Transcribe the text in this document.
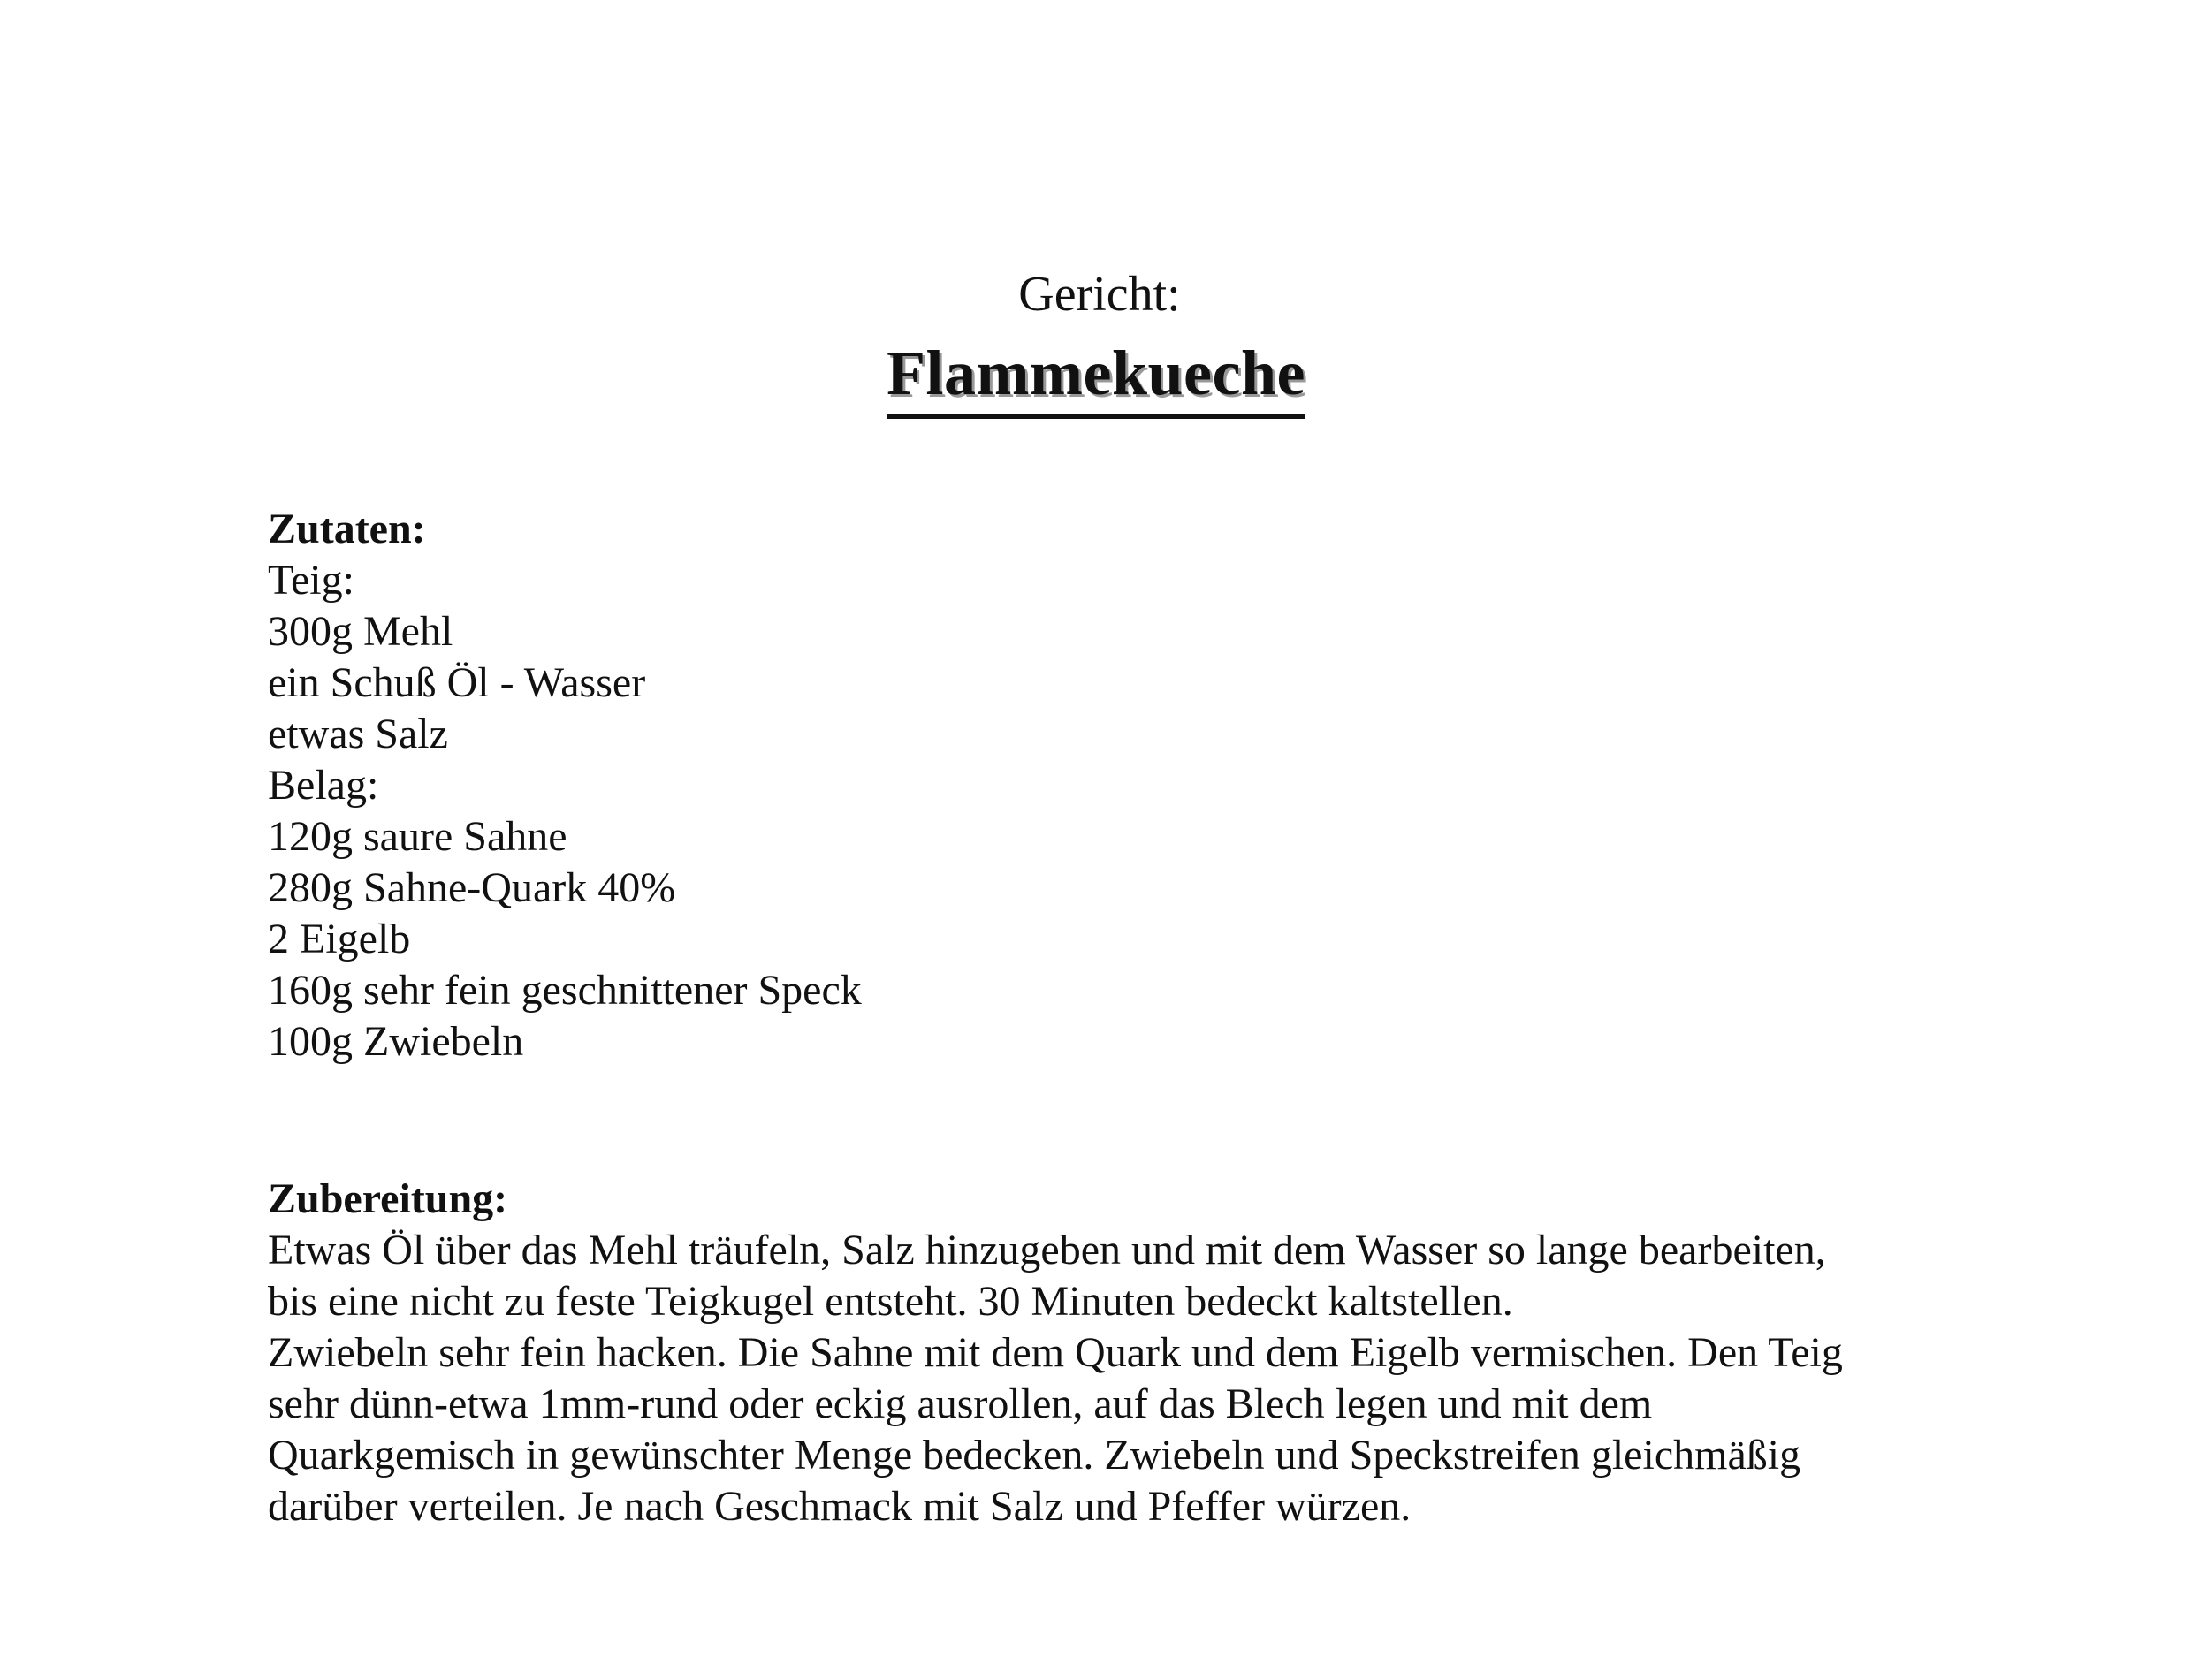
Gericht:

Flammekueche

Zutaten:

Teig:

300g Mehl

ein Schuß Öl - Wasser

etwas Salz

Belag:

120g saure Sahne

280g Sahne-Quark 40%

2 Eigelb

160g sehr fein geschnittener Speck

100g Zwiebeln

Zubereitung:

Etwas Öl über das Mehl träufeln, Salz hinzugeben und mit dem Wasser so lange bearbeiten,

bis eine nicht zu feste Teigkugel entsteht. 30 Minuten bedeckt kaltstellen.

Zwiebeln sehr fein hacken. Die Sahne mit dem Quark und dem Eigelb vermischen. Den Teig

sehr dünn-etwa 1mm-rund oder eckig ausrollen, auf das Blech legen und mit dem

Quarkgemisch in gewünschter Menge bedecken. Zwiebeln und Speckstreifen gleichmäßig

darüber verteilen. Je nach Geschmack mit Salz und Pfeffer würzen.
